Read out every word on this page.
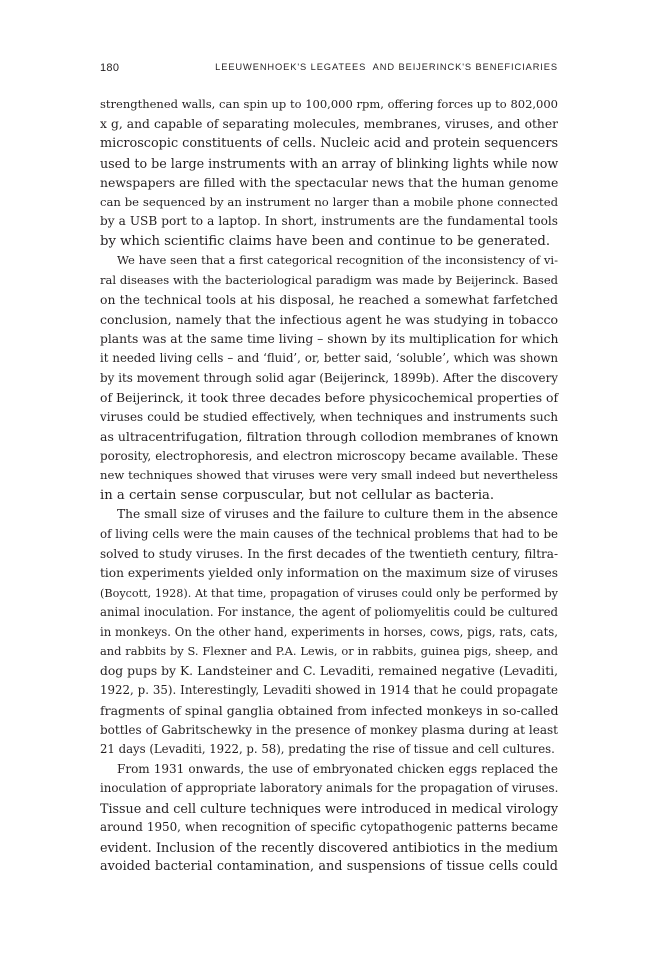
180	LEEUWENHOEK'S LEGATEES  AND BEIJERINCK'S BENEFICIARIES
strengthened walls, can spin up to 100,000 rpm, offering forces up to 802,000
x g, and capable of separating molecules, membranes, viruses, and other
microscopic constituents of cells. Nucleic acid and protein sequencers
used to be large instruments with an array of blinking lights while now
newspapers are filled with the spectacular news that the human genome
can be sequenced by an instrument no larger than a mobile phone connected
by a USB port to a laptop. In short, instruments are the fundamental tools
by which scientific claims have been and continue to be generated.
We have seen that a first categorical recognition of the inconsistency of vi-
ral diseases with the bacteriological paradigm was made by Beijerinck. Based
on the technical tools at his disposal, he reached a somewhat farfetched
conclusion, namely that the infectious agent he was studying in tobacco
plants was at the same time living – shown by its multiplication for which
it needed living cells – and ‘fluid’, or, better said, ‘soluble’, which was shown
by its movement through solid agar (Beijerinck, 1899b). After the discovery
of Beijerinck, it took three decades before physicochemical properties of
viruses could be studied effectively, when techniques and instruments such
as ultracentrifugation, filtration through collodion membranes of known
porosity, electrophoresis, and electron microscopy became available. These
new techniques showed that viruses were very small indeed but nevertheless
in a certain sense corpuscular, but not cellular as bacteria.
The small size of viruses and the failure to culture them in the absence
of living cells were the main causes of the technical problems that had to be
solved to study viruses. In the first decades of the twentieth century, filtra-
tion experiments yielded only information on the maximum size of viruses
(Boycott, 1928). At that time, propagation of viruses could only be performed by
animal inoculation. For instance, the agent of poliomyelitis could be cultured
in monkeys. On the other hand, experiments in horses, cows, pigs, rats, cats,
and rabbits by S. Flexner and P.A. Lewis, or in rabbits, guinea pigs, sheep, and
dog pups by K. Landsteiner and C. Levaditi, remained negative (Levaditi,
1922, p. 35). Interestingly, Levaditi showed in 1914 that he could propagate
fragments of spinal ganglia obtained from infected monkeys in so-called
bottles of Gabritschewky in the presence of monkey plasma during at least
21 days (Levaditi, 1922, p. 58), predating the rise of tissue and cell cultures.
From 1931 onwards, the use of embryonated chicken eggs replaced the
inoculation of appropriate laboratory animals for the propagation of viruses.
Tissue and cell culture techniques were introduced in medical virology
around 1950, when recognition of specific cytopathogenic patterns became
evident. Inclusion of the recently discovered antibiotics in the medium
avoided bacterial contamination, and suspensions of tissue cells could
